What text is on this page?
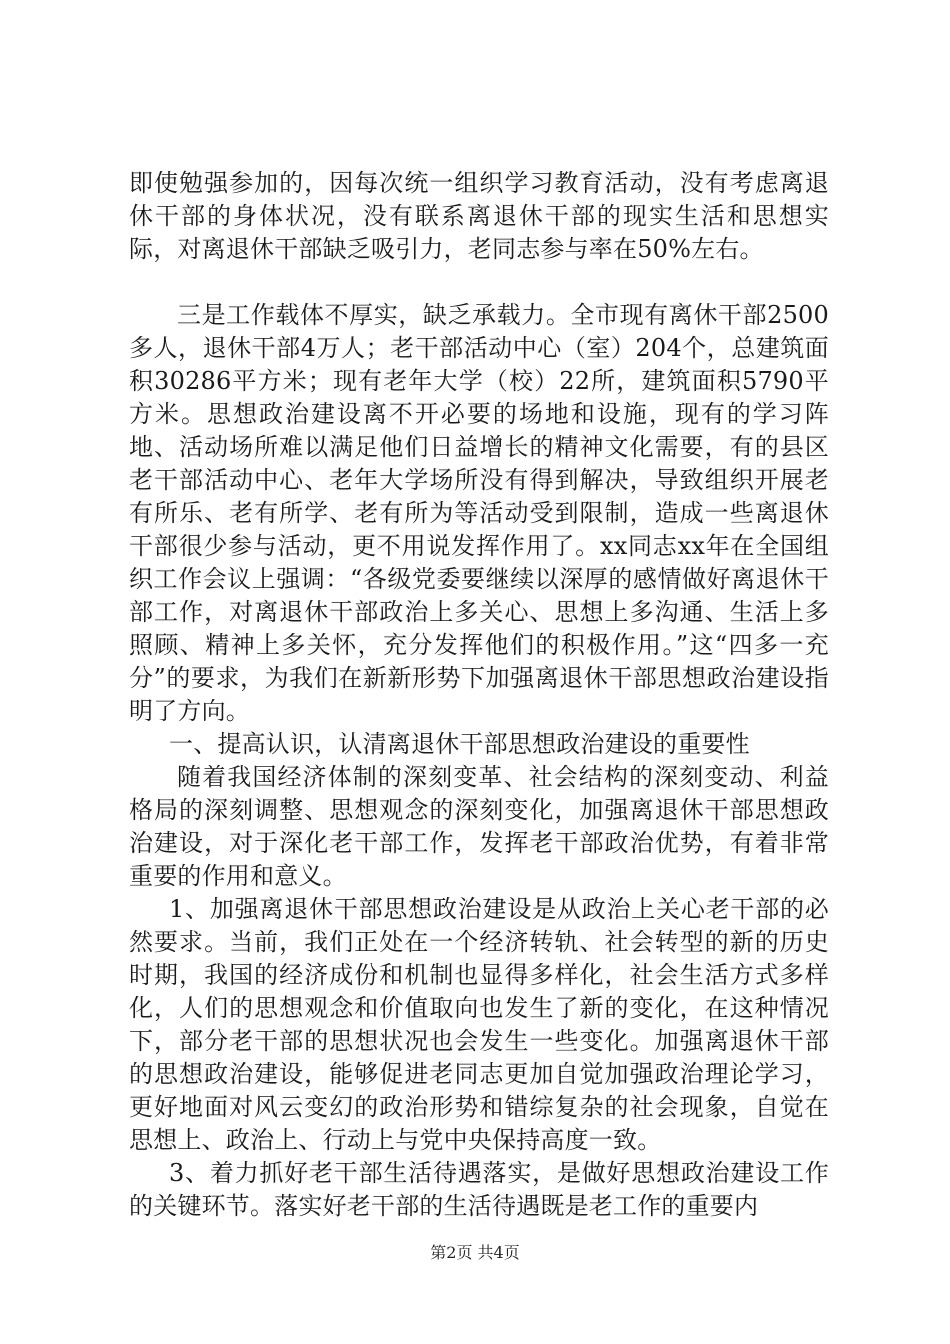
即使勉强参加的，因每次统一组织学习教育活动，没有考虑离退休干部的身体状况，没有联系离退休干部的现实生活和思想实际，对离退休干部缺乏吸引力，老同志参与率在50%左右。

三是工作载体不厚实，缺乏承载力。全市现有离休干部2500多人，退休干部4万人；老干部活动中心（室）204个，总建筑面积30286平方米；现有老年大学（校）22所，建筑面积5790平方米。思想政治建设离不开必要的场地和设施，现有的学习阵地、活动场所难以满足他们日益增长的精神文化需要，有的县区老干部活动中心、老年大学场所没有得到解决，导致组织开展老有所乐、老有所学、老有所为等活动受到限制，造成一些离退休干部很少参与活动，更不用说发挥作用了。xx同志xx年在全国组织工作会议上强调：“各级党委要继续以深厚的感情做好离退休干部工作，对离退休干部政治上多关心、思想上多沟通、生活上多照顾、精神上多关怀，充分发挥他们的积极作用。”这“四多一充分”的要求，为我们在新新形势下加强离退休干部思想政治建设指明了方向。

一、提高认识，认清离退休干部思想政治建设的重要性

随着我国经济体制的深刻变革、社会结构的深刻变动、利益格局的深刻调整、思想观念的深刻变化，加强离退休干部思想政治建设，对于深化老干部工作，发挥老干部政治优势，有着非常重要的作用和意义。

1、加强离退休干部思想政治建设是从政治上关心老干部的必然要求。当前，我们正处在一个经济转轨、社会转型的新的历史时期，我国的经济成份和机制也显得多样化，社会生活方式多样化，人们的思想观念和价值取向也发生了新的变化，在这种情况下，部分老干部的思想状况也会发生一些变化。加强离退休干部的思想政治建设，能够促进老同志更加自觉加强政治理论学习，更好地面对风云变幻的政治形势和错综复杂的社会现象，自觉在思想上、政治上、行动上与党中央保持高度一致。

3、着力抓好老干部生活待遇落实，是做好思想政治建设工作的关键环节。落实好老干部的生活待遇既是老工作的重要内

第2页 共4页
